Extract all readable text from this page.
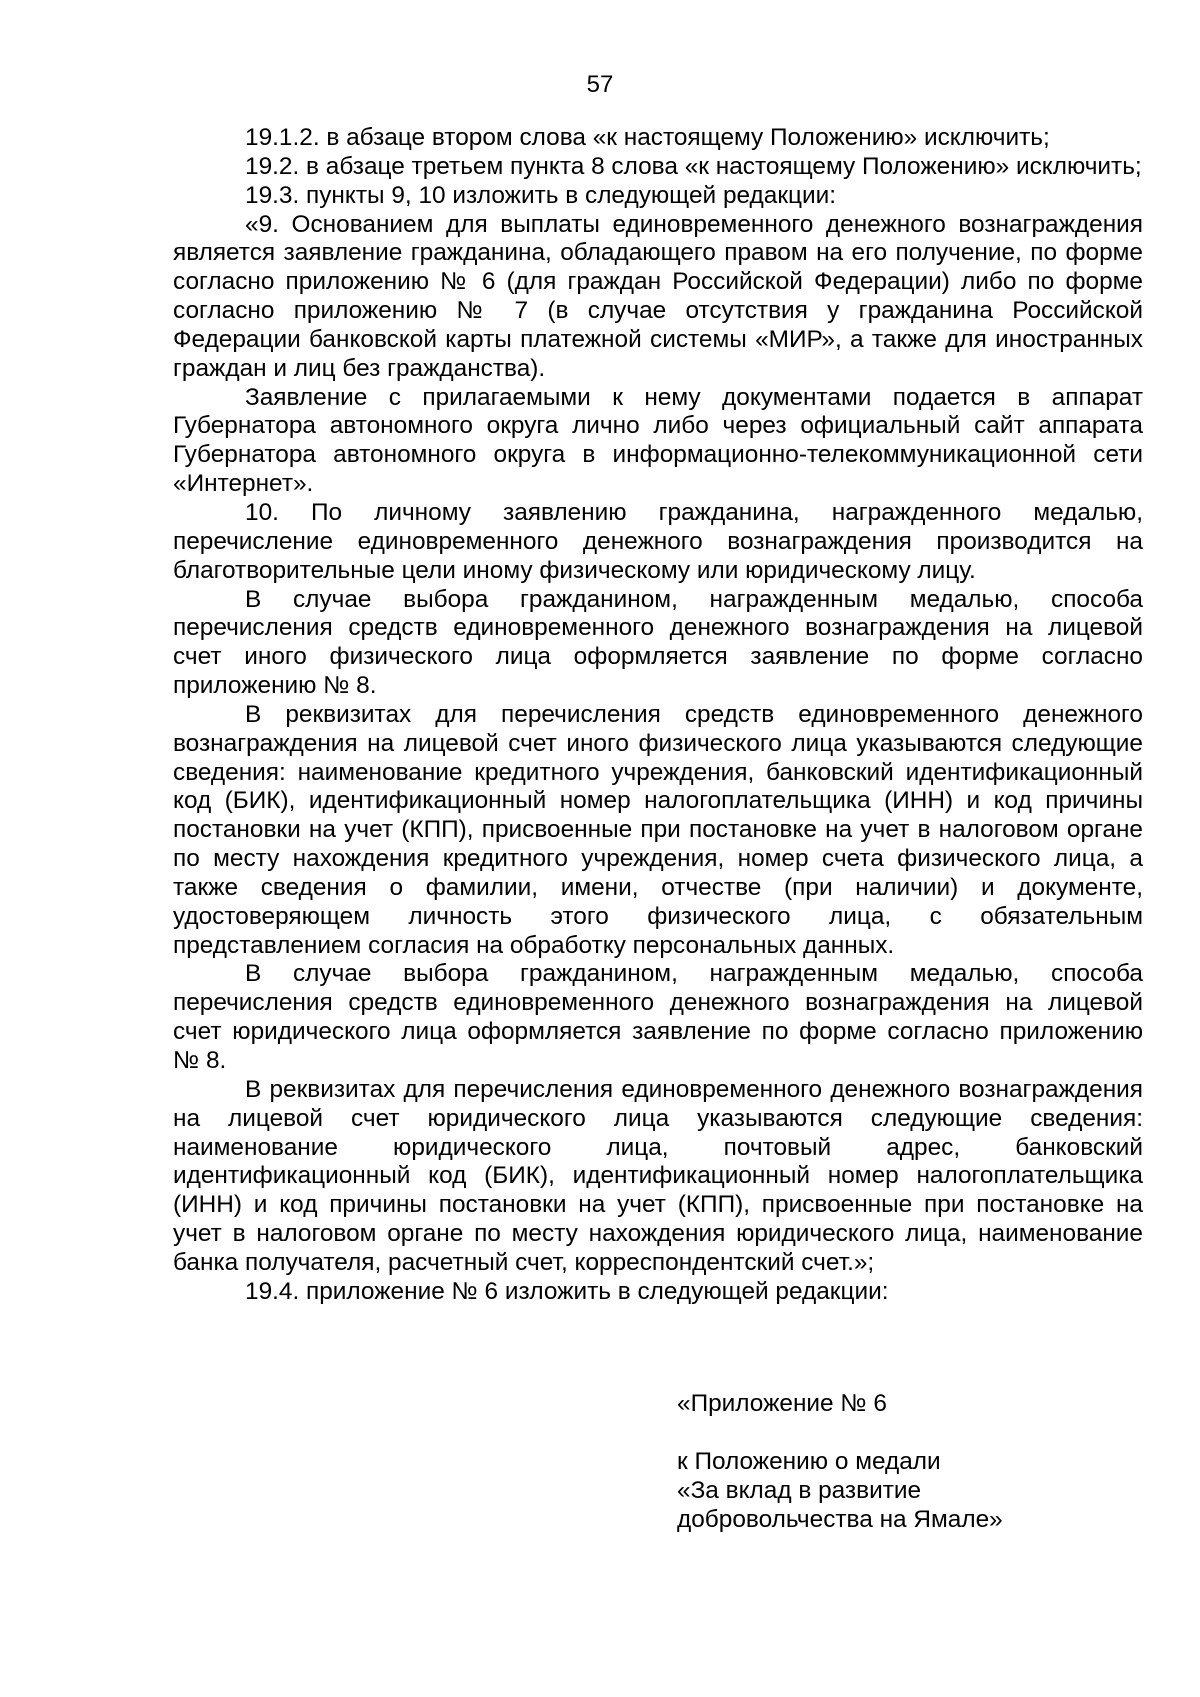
57

19.1.2. в абзаце втором слова «к настоящему Положению» исключить;

19.2. в абзаце третьем пункта 8 слова «к настоящему Положению» исключить;

19.3. пункты 9, 10 изложить в следующей редакции:

«9. Основанием для выплаты единовременного денежного вознаграждения является заявление гражданина, обладающего правом на его получение, по форме согласно приложению № 6 (для граждан Российской Федерации) либо по форме согласно приложению № 7 (в случае отсутствия у гражданина Российской Федерации банковской карты платежной системы «МИР», а также для иностранных граждан и лиц без гражданства).

Заявление с прилагаемыми к нему документами подается в аппарат Губернатора автономного округа лично либо через официальный сайт аппарата Губернатора автономного округа в информационно-телекоммуникационной сети «Интернет».

10. По личному заявлению гражданина, награжденного медалью, перечисление единовременного денежного вознаграждения производится на благотворительные цели иному физическому или юридическому лицу.

В случае выбора гражданином, награжденным медалью, способа перечисления средств единовременного денежного вознаграждения на лицевой счет иного физического лица оформляется заявление по форме согласно приложению № 8.

В реквизитах для перечисления средств единовременного денежного вознаграждения на лицевой счет иного физического лица указываются следующие сведения: наименование кредитного учреждения, банковский идентификационный код (БИК), идентификационный номер налогоплательщика (ИНН) и код причины постановки на учет (КПП), присвоенные при постановке на учет в налоговом органе по месту нахождения кредитного учреждения, номер счета физического лица, а также сведения о фамилии, имени, отчестве (при наличии) и документе, удостоверяющем личность этого физического лица, с обязательным представлением согласия на обработку персональных данных.

В случае выбора гражданином, награжденным медалью, способа перечисления средств единовременного денежного вознаграждения на лицевой счет юридического лица оформляется заявление по форме согласно приложению № 8.

В реквизитах для перечисления единовременного денежного вознаграждения на лицевой счет юридического лица указываются следующие сведения: наименование юридического лица, почтовый адрес, банковский идентификационный код (БИК), идентификационный номер налогоплательщика (ИНН) и код причины постановки на учет (КПП), присвоенные при постановке на учет в налоговом органе по месту нахождения юридического лица, наименование банка получателя, расчетный счет, корреспондентский счет.»;

19.4. приложение № 6 изложить в следующей редакции:

«Приложение № 6
к Положению о медали
«За вклад в развитие
добровольчества на Ямале»
